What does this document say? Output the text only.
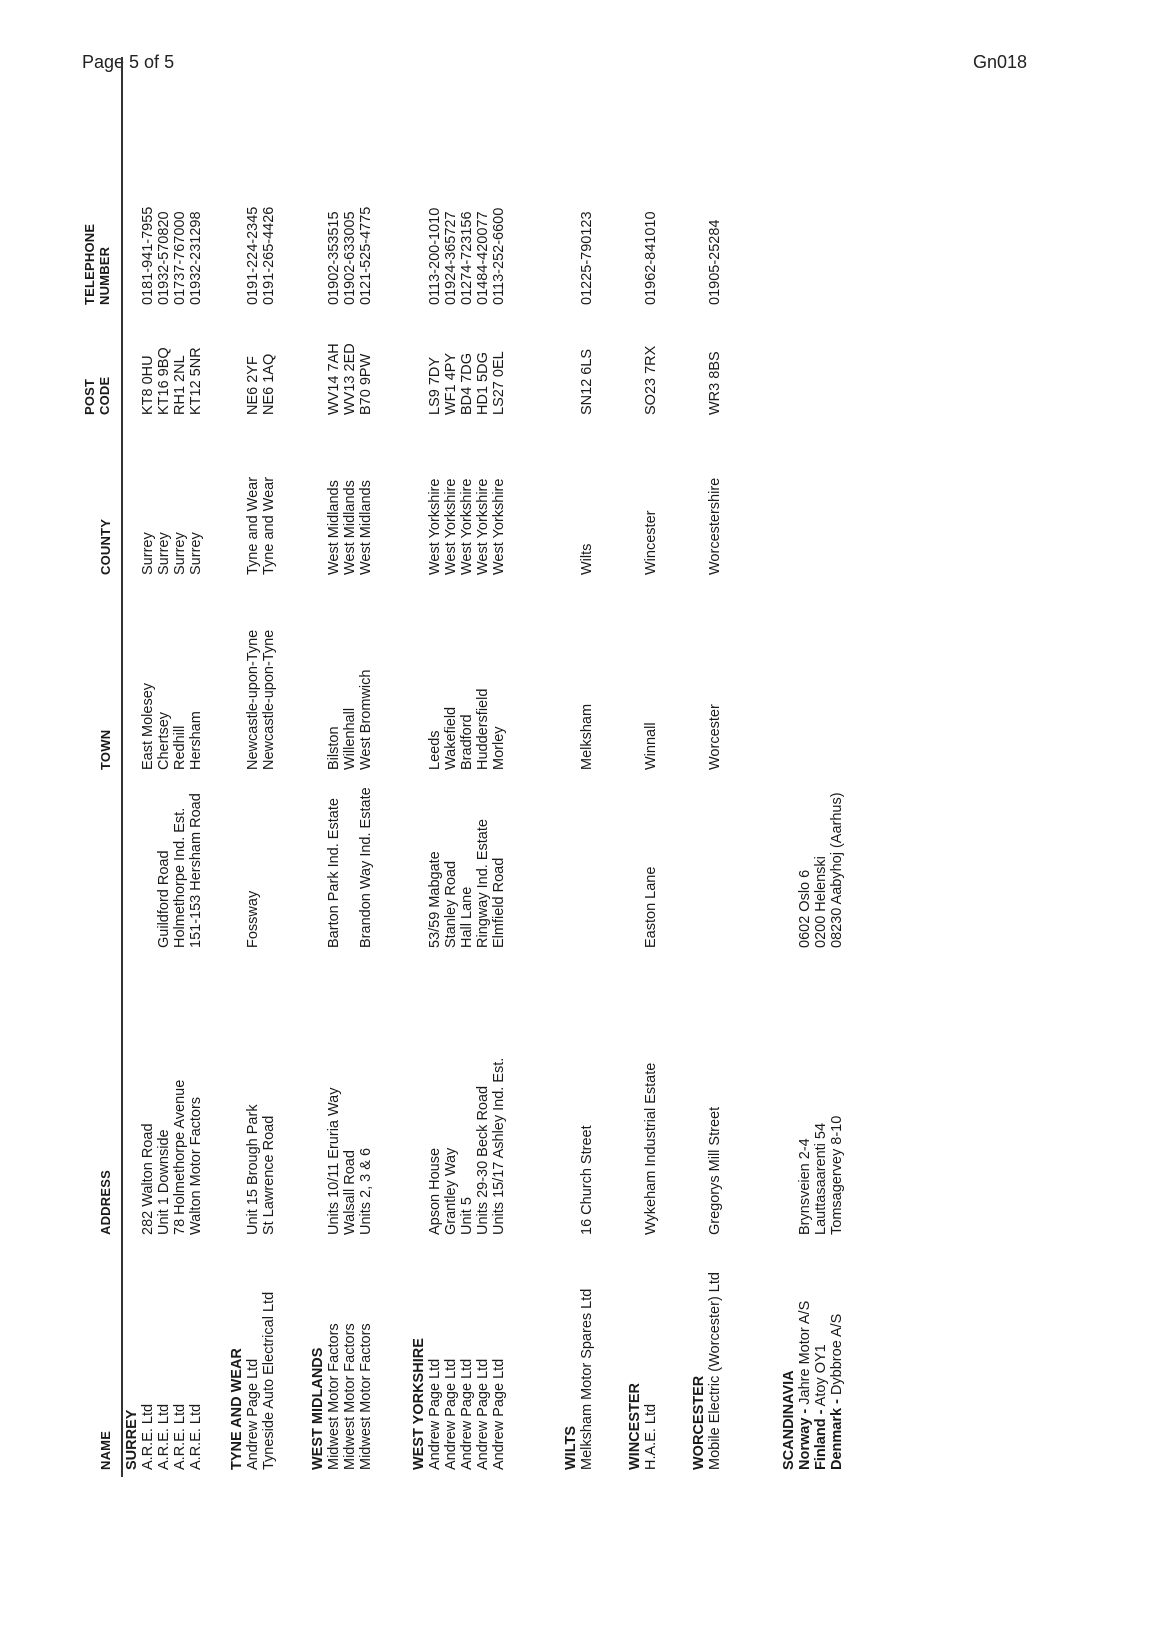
Page 5 of 5	Gn018
NAME
ADDRESS
TOWN
COUNTY
POST CODE
TELEPHONE NUMBER
SURREY A.R.E. Ltd
282 Walton Road
East Molesey
Surrey
KT8 0HU
0181-941-7955
A.R.E. Ltd
Unit 1 Downside
Guildford Road
Chertsey
Surrey
KT16 9BQ
01932-570820
A.R.E. Ltd
78 Holmethorpe Avenue
Holmethorpe Ind. Est.
Redhill
Surrey
RH1 2NL
01737-767000
A.R.E. Ltd
Walton Motor Factors
151-153 Hersham Road
Hersham
Surrey
KT12 5NR
01932-231298
TYNE AND WEAR Andrew Page Ltd
Unit 15 Brough Park
Fossway
Newcastle-upon-Tyne
Tyne and Wear
NE6 2YF
0191-224-2345
Tyneside Auto Electrical Ltd
St Lawrence Road
Newcastle-upon-Tyne
Tyne and Wear
NE6 1AQ
0191-265-4426
WEST MIDLANDS Midwest Motor Factors
Units 10/11 Eruria Way
Barton Park Ind. Estate
Bilston
West Midlands
WV14 7AH
01902-353515
Midwest Motor Factors
Walsall Road
Willenhall
West Midlands
WV13 2ED
01902-633005
Midwest Motor Factors
Units 2, 3 & 6
Brandon Way Ind. Estate
West Bromwich
West Midlands
B70 9PW
0121-525-4775
WEST YORKSHIRE Andrew Page Ltd
Apson House
53/59 Mabgate
Leeds
West Yorkshire
LS9 7DY
0113-200-1010
Andrew Page Ltd
Grantley Way
Stanley Road
Wakefield
West Yorkshire
WF1 4PY
01924-365727
Andrew Page Ltd
Unit 5
Hall Lane
Bradford
West Yorkshire
BD4 7DG
01274-723156
Andrew Page Ltd
Units 29-30 Beck Road
Ringway Ind. Estate
Huddersfield
West Yorkshire
HD1 5DG
01484-420077
Andrew Page Ltd
Units 15/17 Ashley Ind. Est.
Elmfield Road
Morley
West Yorkshire
LS27 0EL
0113-252-6600
WILTS Melksham Motor Spares Ltd
16 Church Street
Melksham
Wilts
SN12 6LS
01225-790123
WINCESTER H.A.E. Ltd
Wykeham Industrial Estate
Easton Lane
Winnall
Wincester
SO23 7RX
01962-841010
WORCESTER Mobile Electric (Worcester) Ltd
Gregorys Mill Street
Worcester
Worcestershire
WR3 8BS
01905-25284
SCANDINAVIA Norway - Jahre Motor A/S
Brynsveien 2-4
0602 Oslo 6
Finland - Atoy OY1
Lauttasaarenti 54
0200 Helenski
Denmark - Dybbroe A/S
Tomsagervey 8-10
08230 Aabyhoj (Aarhus)
